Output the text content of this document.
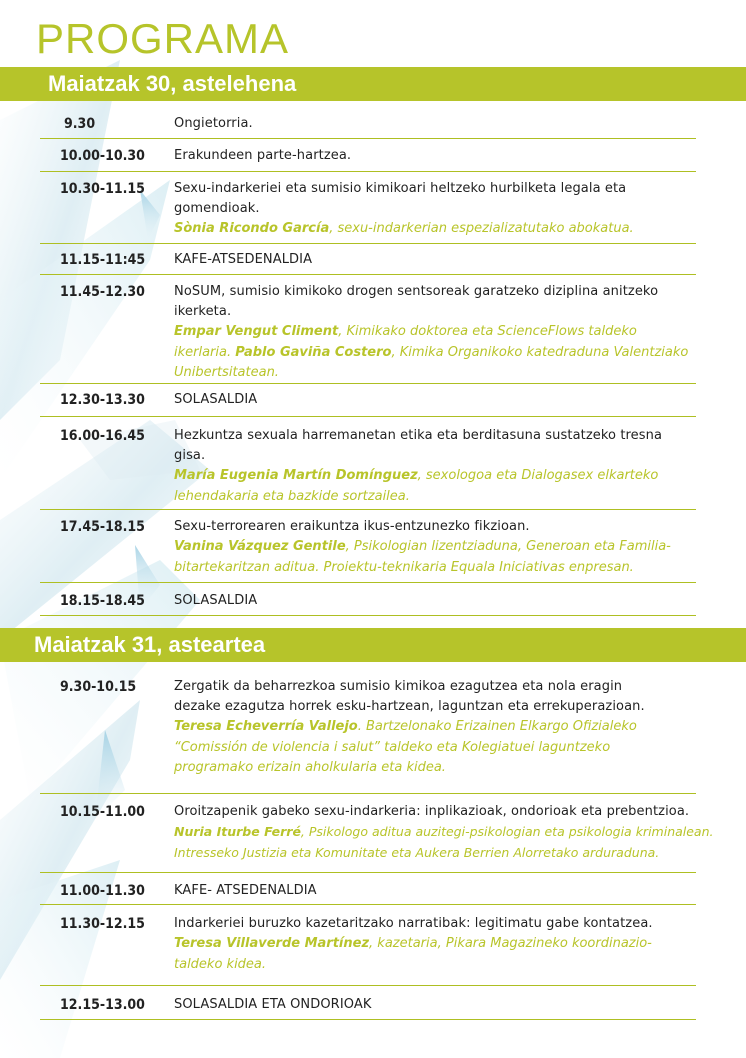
PROGRAMA
Maiatzak 30, astelehena
9.30	Ongietorria.
10.00-10.30 Erakundeen parte-hartzea.
10.30-11.15 Sexu-indarkeriei eta sumisio kimikoari heltzeko hurbilketa legala eta
gomendioak.
Sònia Ricondo García, sexu-indarkerian espezializatutako abokatua.
11.15-11:45 KAFE-ATSEDENALDIA
11.45-12.30 NoSUM, sumisio kimikoko drogen sentsoreak garatzeko diziplina anitzeko
ikerketa.
Empar Vengut Climent, Kimikako doktorea eta ScienceFlows taldeko
ikerlaria. Pablo Gaviña Costero, Kimika Organikoko katedraduna Valentziako
Unibertsitatean.
12.30-13.30 SOLASALDIA
16.00-16.45 Hezkuntza sexuala harremanetan etika eta berditasuna sustatzeko tresna
gisa.
María Eugenia Martín Domínguez, sexologoa eta Dialogasex elkarteko
lehendakaria eta bazkide sortzailea.
17.45-18.15 Sexu-terrorearen eraikuntza ikus-entzunezko fikzioan.
Vanina Vázquez Gentile, Psikologian lizentziaduna, Generoan eta Familia-
bitartekaritzan aditua. Proiektu-teknikaria Equala Iniciativas enpresan.
18.15-18.45 SOLASALDIA
Maiatzak 31, asteartea
9.30-10.15	Zergatik da beharrezkoa sumisio kimikoa ezagutzea eta nola eragin
dezake ezagutza horrek esku-hartzean, laguntzan eta errekuperazioan.
Teresa Echeverría Vallejo. Bartzelonako Erizainen Elkargo Ofizialeko
“Comissión de violencia i salut” taldeko eta Kolegiatuei laguntzeko
programako erizain aholkularia eta kidea.
10.15-11.00 Oroitzapenik gabeko sexu-indarkeria: inplikazioak, ondorioak eta prebentzioa.
Nuria Iturbe Ferré, Psikologo aditua auzitegi-psikologian eta psikologia kriminalean.
Intresseko Justizia eta Komunitate eta Aukera Berrien Alorretako arduraduna.
11.00-11.30 KAFE- ATSEDENALDIA
11.30-12.15 Indarkeriei buruzko kazetaritzako narratibak: legitimatu gabe kontatzea.
Teresa Villaverde Martínez, kazetaria, Pikara Magazineko koordinazio-
taldeko kidea.
12.15-13.00 SOLASALDIA ETA ONDORIOAK
